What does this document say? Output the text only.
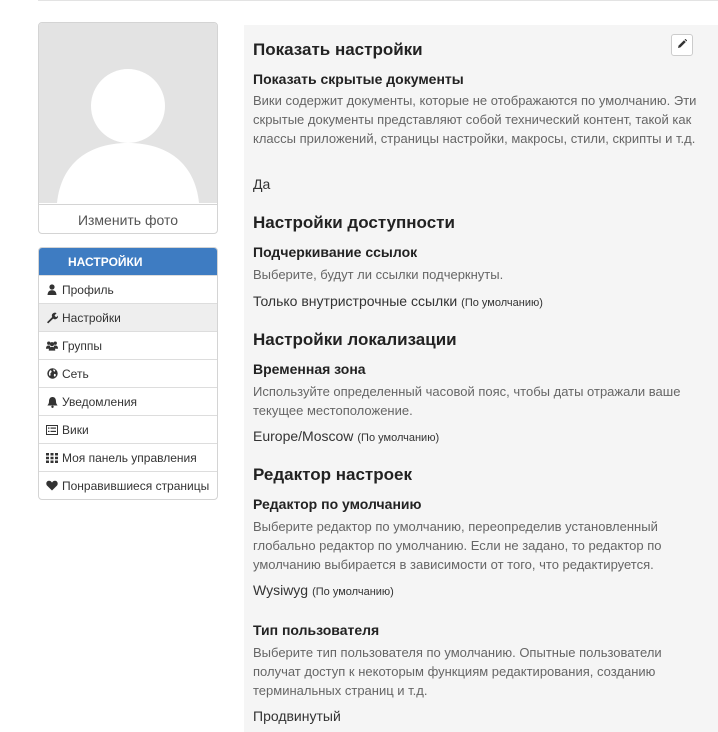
Изменить фото
НАСТРОЙКИ
Профиль
Настройки
Группы
Сеть
Уведомления
Вики
Моя панель управления
Понравившиеся страницы
Показать настройки
Показать скрытые документы
Вики содержит документы, которые не отображаются по умолчанию. Эти скрытые документы представляют собой технический контент, такой как классы приложений, страницы настройки, макросы, стили, скрипты и т.д.
Да
Настройки доступности
Подчеркивание ссылок
Выберите, будут ли ссылки подчеркнуты.
Только внутристрочные ссылки (По умолчанию)
Настройки локализации
Временная зона
Используйте определенный часовой пояс, чтобы даты отражали ваше текущее местоположение.
Europe/Moscow (По умолчанию)
Редактор настроек
Редактор по умолчанию
Выберите редактор по умолчанию, переопределив установленный глобально редактор по умолчанию. Если не задано, то редактор по умолчанию выбирается в зависимости от того, что редактируется.
Wysiwyg (По умолчанию)
Тип пользователя
Выберите тип пользователя по умолчанию. Опытные пользователи получат доступ к некоторым функциям редактирования, созданию терминальных страниц и т.д.
Продвинутый
